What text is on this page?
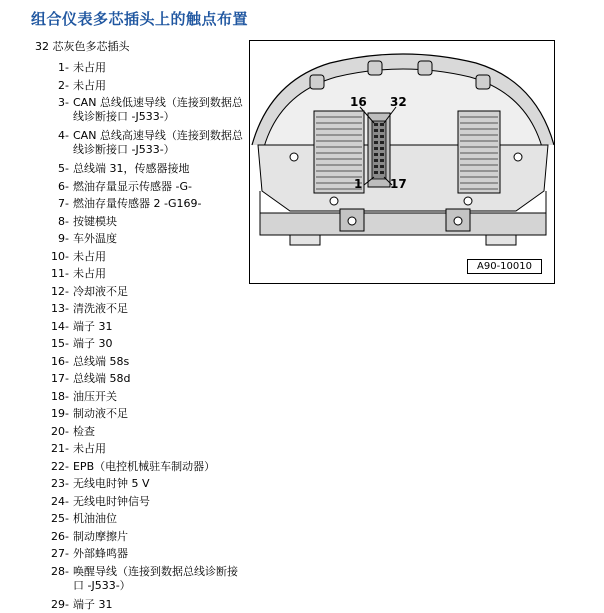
组合仪表多芯插头上的触点布置
32 芯灰色多芯插头
1 - 未占用
2 - 未占用
3 - CAN 总线低速导线（连接到数据总线诊断接口 -J533-）
4 - CAN 总线高速导线（连接到数据总线诊断接口 -J533-）
5 - 总线端 31，传感器接地
6 - 燃油存量显示传感器 -G-
7 - 燃油存量传感器 2 -G169-
8 - 按键模块
9 - 车外温度
10 - 未占用
11 - 未占用
12 - 冷却液不足
13 - 清洗液不足
14 - 端子 31
15 - 端子 30
16 - 总线端 58s
17 - 总线端 58d
18 - 油压开关
19 - 制动液不足
20 - 检查
21 - 未占用
22 - EPB（电控机械驻车制动器）
23 - 无线电时钟 5 V
24 - 无线电时钟信号
25 - 机油油位
26 - 制动摩擦片
27 - 外部蜂鸣器
28 - 唤醒导线（连接到数据总线诊断接口 -J533-）
29 - 端子 31
16 32
1 17
A90-10010
